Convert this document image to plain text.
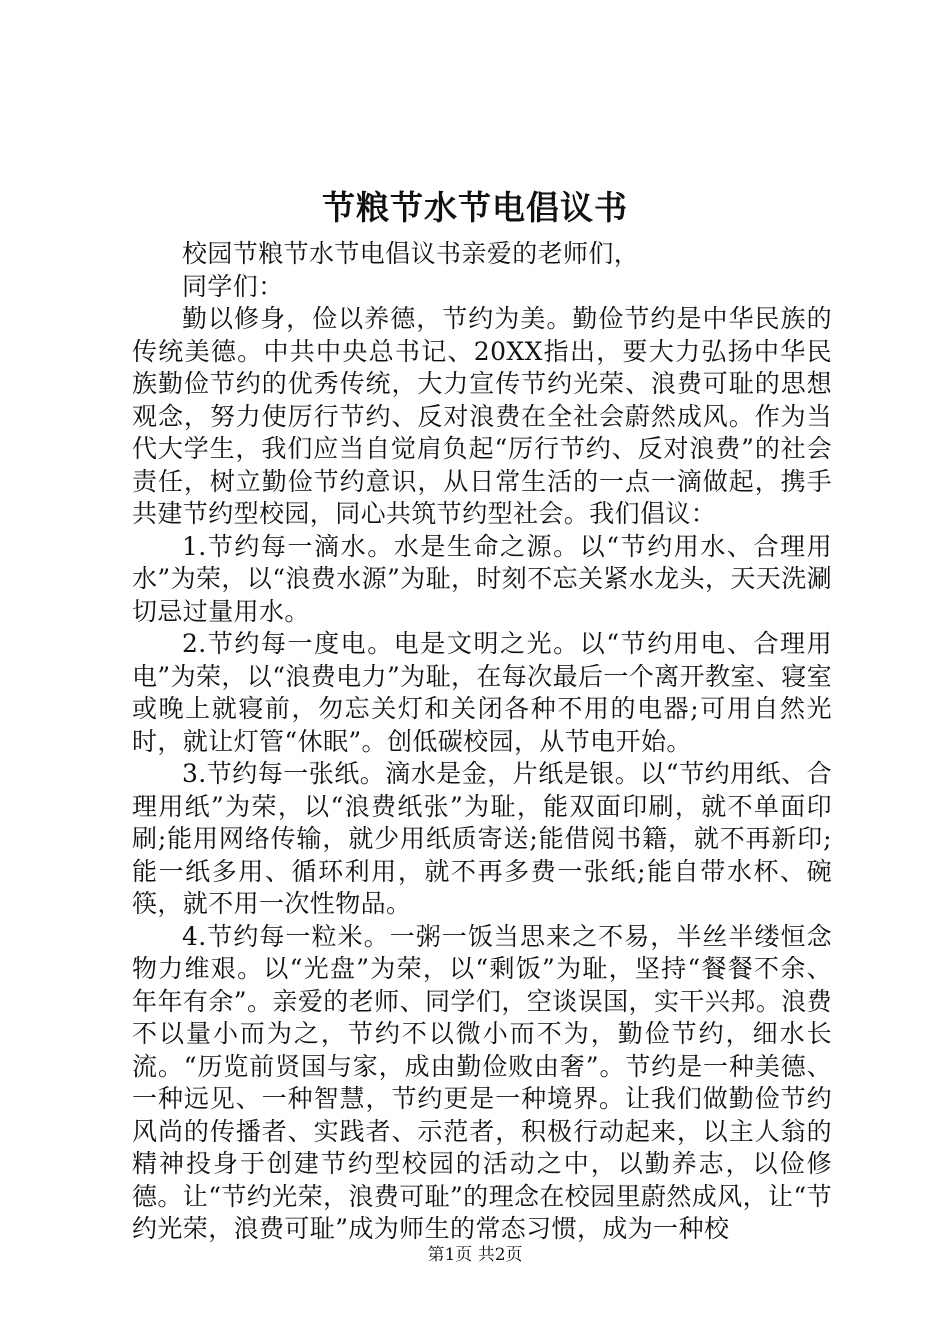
节粮节水节电倡议书

校园节粮节水节电倡议书亲爱的老师们，

同学们：

勤以修身，俭以养德，节约为美。勤俭节约是中华民族的传统美德。中共中央总书记、20XX指出，要大力弘扬中华民族勤俭节约的优秀传统，大力宣传节约光荣、浪费可耻的思想观念，努力使厉行节约、反对浪费在全社会蔚然成风。作为当代大学生，我们应当自觉肩负起“厉行节约、反对浪费”的社会责任，树立勤俭节约意识，从日常生活的一点一滴做起，携手共建节约型校园，同心共筑节约型社会。我们倡议：

1.节约每一滴水。水是生命之源。以“节约用水、合理用水”为荣，以“浪费水源”为耻，时刻不忘关紧水龙头，天天洗涮切忌过量用水。

2.节约每一度电。电是文明之光。以“节约用电、合理用电”为荣，以“浪费电力”为耻，在每次最后一个离开教室、寝室或晚上就寝前，勿忘关灯和关闭各种不用的电器;可用自然光时，就让灯管“休眠”。创低碳校园，从节电开始。

3.节约每一张纸。滴水是金，片纸是银。以“节约用纸、合理用纸”为荣，以“浪费纸张”为耻，能双面印刷，就不单面印刷;能用网络传输，就少用纸质寄送;能借阅书籍，就不再新印;能一纸多用、循环利用，就不再多费一张纸;能自带水杯、碗筷，就不用一次性物品。

4.节约每一粒米。一粥一饭当思来之不易，半丝半缕恒念物力维艰。以“光盘”为荣，以“剩饭”为耻，坚持“餐餐不余、年年有余”。亲爱的老师、同学们，空谈误国，实干兴邦。浪费不以量小而为之，节约不以微小而不为，勤俭节约，细水长流。“历览前贤国与家，成由勤俭败由奢”。节约是一种美德、一种远见、一种智慧，节约更是一种境界。让我们做勤俭节约风尚的传播者、实践者、示范者，积极行动起来，以主人翁的精神投身于创建节约型校园的活动之中，以勤养志，以俭修德。让“节约光荣，浪费可耻”的理念在校园里蔚然成风，让“节约光荣，浪费可耻”成为师生的常态习惯，成为一种校

第1页 共2页
